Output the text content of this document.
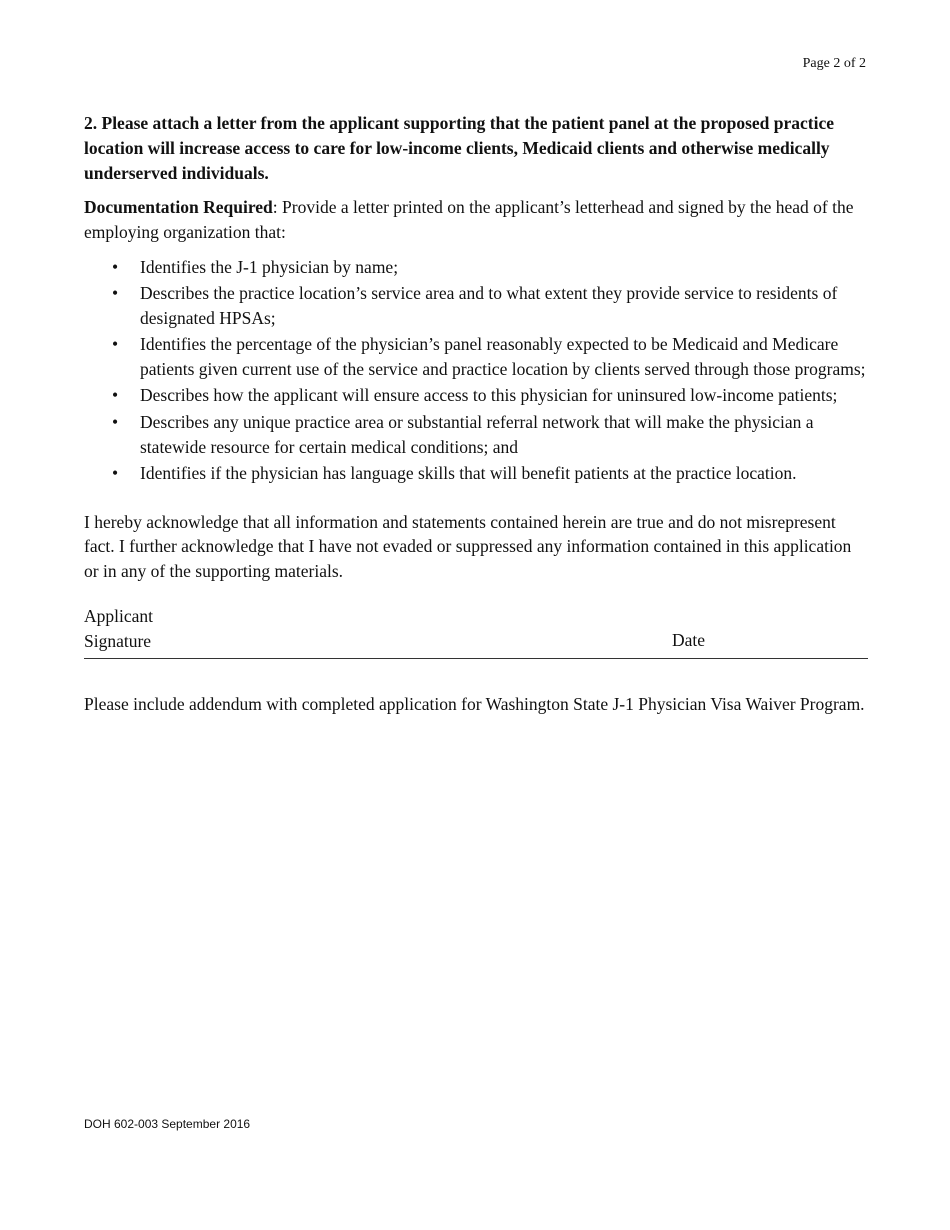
Page 2 of 2

2. Please attach a letter from the applicant supporting that the patient panel at the proposed practice location will increase access to care for low-income clients, Medicaid clients and otherwise medically underserved individuals.

Documentation Required: Provide a letter printed on the applicant’s letterhead and signed by the head of the employing organization that:

• Identifies the J-1 physician by name;
• Describes the practice location’s service area and to what extent they provide service to residents of designated HPSAs;
• Identifies the percentage of the physician’s panel reasonably expected to be Medicaid and Medicare patients given current use of the service and practice location by clients served through those programs;
• Describes how the applicant will ensure access to this physician for uninsured low-income patients;
• Describes any unique practice area or substantial referral network that will make the physician a statewide resource for certain medical conditions; and
• Identifies if the physician has language skills that will benefit patients at the practice location.

I hereby acknowledge that all information and statements contained herein are true and do not misrepresent fact. I further acknowledge that I have not evaded or suppressed any information contained in this application or in any of the supporting materials.

Applicant
Signature	Date

Please include addendum with completed application for Washington State J-1 Physician Visa Waiver Program.

DOH 602-003 September 2016
